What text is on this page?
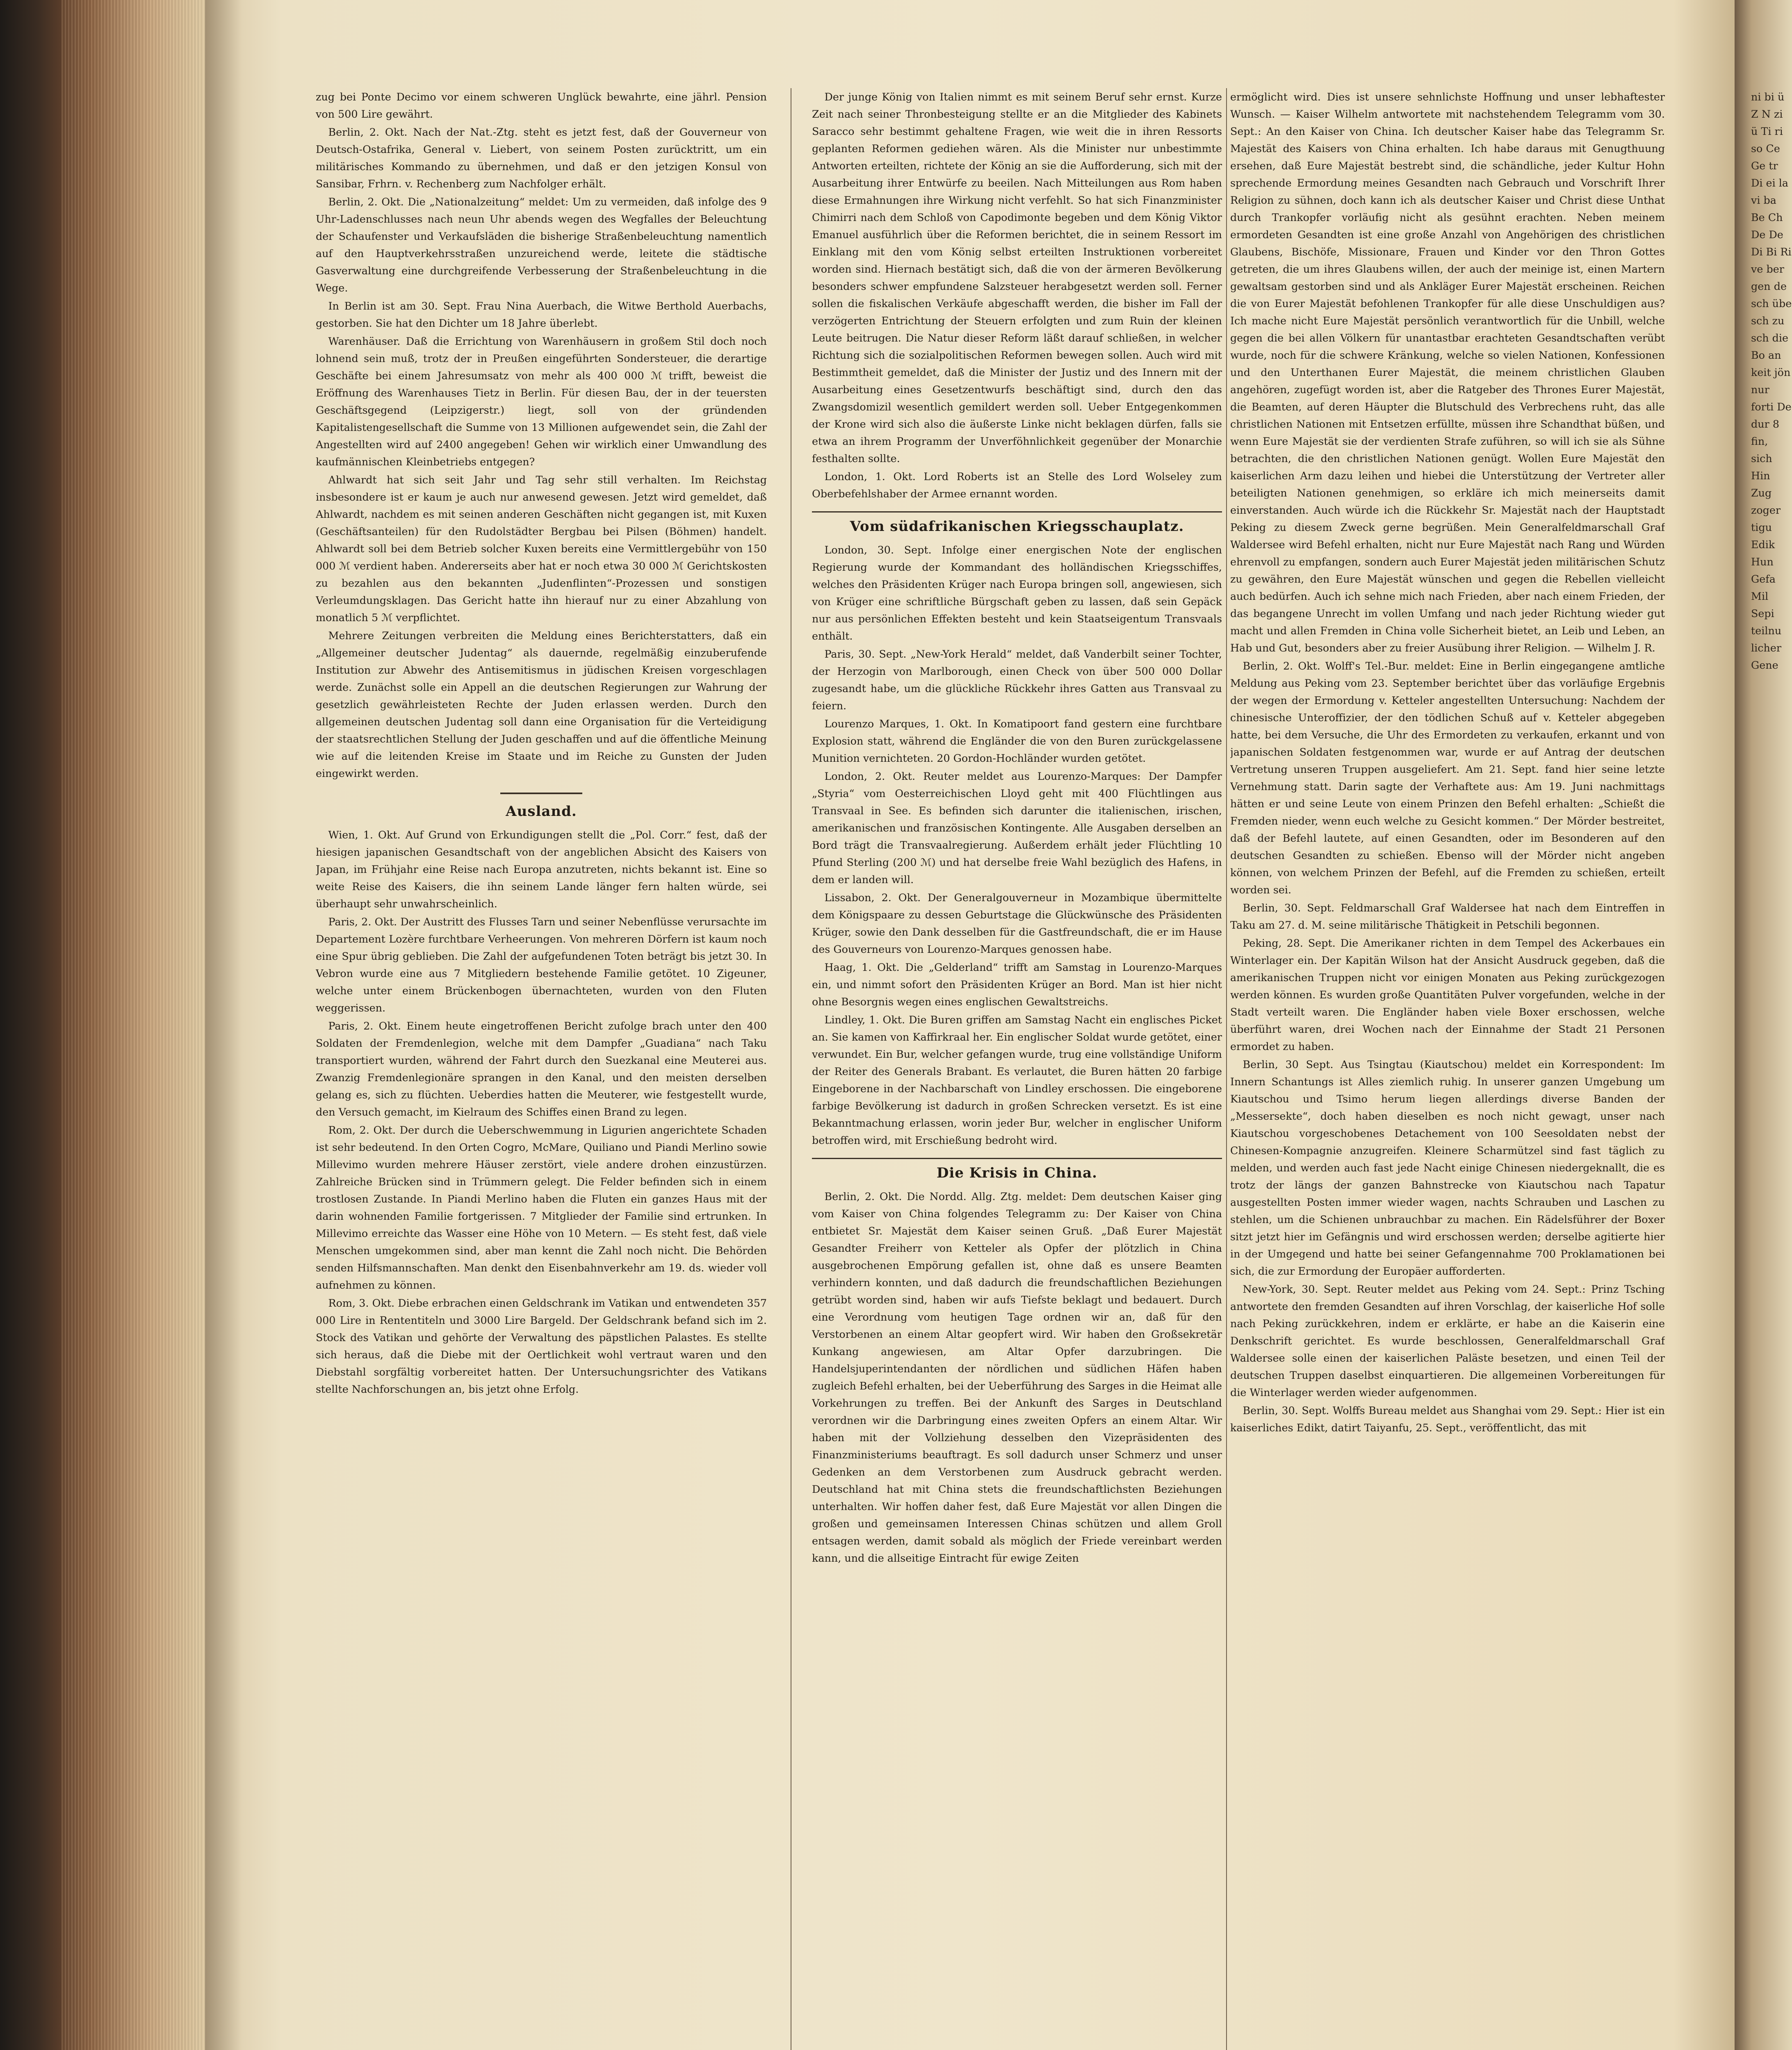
zug bei Ponte Decimo vor einem schweren Unglück bewahrte, eine jährl. Pension von 500 Lire gewährt.

Berlin, 2. Okt. Nach der Nat.-Ztg. steht es jetzt fest, daß der Gouverneur von Deutsch-Ostafrika, General v. Liebert, von seinem Posten zurücktritt, um ein militärisches Kommando zu übernehmen, und daß er den jetzigen Konsul von Sansibar, Frhrn. v. Rechenberg zum Nachfolger erhält.

Berlin, 2. Okt. Die „Nationalzeitung“ meldet: Um zu vermeiden, daß infolge des 9 Uhr-Ladenschlusses nach neun Uhr abends wegen des Wegfalles der Beleuchtung der Schaufenster und Verkaufsläden die bisherige Straßenbeleuchtung namentlich auf den Hauptverkehrsstraßen unzureichend werde, leitete die städtische Gasverwaltung eine durchgreifende Verbesserung der Straßenbeleuchtung in die Wege.

In Berlin ist am 30. Sept. Frau Nina Auerbach, die Witwe Berthold Auerbachs, gestorben. Sie hat den Dichter um 18 Jahre überlebt.

Warenhäuser. Daß die Errichtung von Warenhäusern in großem Stil doch noch lohnend sein muß, trotz der in Preußen eingeführten Sondersteuer, die derartige Geschäfte bei einem Jahresumsatz von mehr als 400 000 ℳ trifft, beweist die Eröffnung des Warenhauses Tietz in Berlin. Für diesen Bau, der in der teuersten Geschäftsgegend (Leipzigerstr.) liegt, soll von der gründenden Kapitalistengesellschaft die Summe von 13 Millionen aufgewendet sein, die Zahl der Angestellten wird auf 2400 angegeben! Gehen wir wirklich einer Umwandlung des kaufmännischen Kleinbetriebs entgegen?

Ahlwardt hat sich seit Jahr und Tag sehr still verhalten. Im Reichstag insbesondere ist er kaum je auch nur anwesend gewesen. Jetzt wird gemeldet, daß Ahlwardt, nachdem es mit seinen anderen Geschäften nicht gegangen ist, mit Kuxen (Geschäftsanteilen) für den Rudolstädter Bergbau bei Pilsen (Böhmen) handelt. Ahlwardt soll bei dem Betrieb solcher Kuxen bereits eine Vermittlergebühr von 150 000 ℳ verdient haben. Andererseits aber hat er noch etwa 30 000 ℳ Gerichtskosten zu bezahlen aus den bekannten „Judenflinten“-Prozessen und sonstigen Verleumdungsklagen. Das Gericht hatte ihn hierauf nur zu einer Abzahlung von monatlich 5 ℳ verpflichtet.

Mehrere Zeitungen verbreiten die Meldung eines Berichterstatters, daß ein „Allgemeiner deutscher Judentag“ als dauernde, regelmäßig einzuberufende Institution zur Abwehr des Antisemitismus in jüdischen Kreisen vorgeschlagen werde. Zunächst solle ein Appell an die deutschen Regierungen zur Wahrung der gesetzlich gewährleisteten Rechte der Juden erlassen werden. Durch den allgemeinen deutschen Judentag soll dann eine Organisation für die Verteidigung der staatsrechtlichen Stellung der Juden geschaffen und auf die öffentliche Meinung wie auf die leitenden Kreise im Staate und im Reiche zu Gunsten der Juden eingewirkt werden.

Ausland.

Wien, 1. Okt. Auf Grund von Erkundigungen stellt die „Pol. Corr.“ fest, daß der hiesigen japanischen Gesandtschaft von der angeblichen Absicht des Kaisers von Japan, im Frühjahr eine Reise nach Europa anzutreten, nichts bekannt ist. Eine so weite Reise des Kaisers, die ihn seinem Lande länger fern halten würde, sei überhaupt sehr unwahrscheinlich.

Paris, 2. Okt. Der Austritt des Flusses Tarn und seiner Nebenflüsse verursachte im Departement Lozère furchtbare Verheerungen. Von mehreren Dörfern ist kaum noch eine Spur übrig geblieben. Die Zahl der aufgefundenen Toten beträgt bis jetzt 30. In Vebron wurde eine aus 7 Mitgliedern bestehende Familie getötet. 10 Zigeuner, welche unter einem Brückenbogen übernachteten, wurden von den Fluten weggerissen.

Paris, 2. Okt. Einem heute eingetroffenen Bericht zufolge brach unter den 400 Soldaten der Fremdenlegion, welche mit dem Dampfer „Guadiana“ nach Taku transportiert wurden, während der Fahrt durch den Suezkanal eine Meuterei aus. Zwanzig Fremdenlegionäre sprangen in den Kanal, und den meisten derselben gelang es, sich zu flüchten. Ueberdies hatten die Meuterer, wie festgestellt wurde, den Versuch gemacht, im Kielraum des Schiffes einen Brand zu legen.

Rom, 2. Okt. Der durch die Ueberschwemmung in Ligurien angerichtete Schaden ist sehr bedeutend. In den Orten Cogro, McMare, Quiliano und Piandi Merlino sowie Millevimo wurden mehrere Häuser zerstört, viele andere drohen einzustürzen. Zahlreiche Brücken sind in Trümmern gelegt. Die Felder befinden sich in einem trostlosen Zustande. In Piandi Merlino haben die Fluten ein ganzes Haus mit der darin wohnenden Familie fortgerissen. 7 Mitglieder der Familie sind ertrunken. In Millevimo erreichte das Wasser eine Höhe von 10 Metern. — Es steht fest, daß viele Menschen umgekommen sind, aber man kennt die Zahl noch nicht. Die Behörden senden Hilfsmannschaften. Man denkt den Eisenbahnverkehr am 19. ds. wieder voll aufnehmen zu können.

Rom, 3. Okt. Diebe erbrachen einen Geldschrank im Vatikan und entwendeten 357 000 Lire in Rententiteln und 3000 Lire Bargeld. Der Geldschrank befand sich im 2. Stock des Vatikan und gehörte der Verwaltung des päpstlichen Palastes. Es stellte sich heraus, daß die Diebe mit der Oertlichkeit wohl vertraut waren und den Diebstahl sorgfältig vorbereitet hatten. Der Untersuchungsrichter des Vatikans stellte Nachforschungen an, bis jetzt ohne Erfolg.

Der junge König von Italien nimmt es mit seinem Beruf sehr ernst. Kurze Zeit nach seiner Thronbesteigung stellte er an die Mitglieder des Kabinets Saracco sehr bestimmt gehaltene Fragen, wie weit die in ihren Ressorts geplanten Reformen gediehen wären. Als die Minister nur unbestimmte Antworten erteilten, richtete der König an sie die Aufforderung, sich mit der Ausarbeitung ihrer Entwürfe zu beeilen. Nach Mitteilungen aus Rom haben diese Ermahnungen ihre Wirkung nicht verfehlt. So hat sich Finanzminister Chimirri nach dem Schloß von Capodimonte begeben und dem König Viktor Emanuel ausführlich über die Reformen berichtet, die in seinem Ressort im Einklang mit den vom König selbst erteilten Instruktionen vorbereitet worden sind. Hiernach bestätigt sich, daß die von der ärmeren Bevölkerung besonders schwer empfundene Salzsteuer herabgesetzt werden soll. Ferner sollen die fiskalischen Verkäufe abgeschafft werden, die bisher im Fall der verzögerten Entrichtung der Steuern erfolgten und zum Ruin der kleinen Leute beitrugen. Die Natur dieser Reform läßt darauf schließen, in welcher Richtung sich die sozialpolitischen Reformen bewegen sollen. Auch wird mit Bestimmtheit gemeldet, daß die Minister der Justiz und des Innern mit der Ausarbeitung eines Gesetzentwurfs beschäftigt sind, durch den das Zwangsdomizil wesentlich gemildert werden soll. Ueber Entgegenkommen der Krone wird sich also die äußerste Linke nicht beklagen dürfen, falls sie etwa an ihrem Programm der Unverföhnlichkeit gegenüber der Monarchie festhalten sollte.

London, 1. Okt. Lord Roberts ist an Stelle des Lord Wolseley zum Oberbefehlshaber der Armee ernannt worden.

Vom südafrikanischen Kriegsschauplatz.

London, 30. Sept. Infolge einer energischen Note der englischen Regierung wurde der Kommandant des holländischen Kriegsschiffes, welches den Präsidenten Krüger nach Europa bringen soll, angewiesen, sich von Krüger eine schriftliche Bürgschaft geben zu lassen, daß sein Gepäck nur aus persönlichen Effekten besteht und kein Staatseigentum Transvaals enthält.

Paris, 30. Sept. „New-York Herald“ meldet, daß Vanderbilt seiner Tochter, der Herzogin von Marlborough, einen Check von über 500 000 Dollar zugesandt habe, um die glückliche Rückkehr ihres Gatten aus Transvaal zu feiern.

Lourenzo Marques, 1. Okt. In Komatipoort fand gestern eine furchtbare Explosion statt, während die Engländer die von den Buren zurückgelassene Munition vernichteten. 20 Gordon-Hochländer wurden getötet.

London, 2. Okt. Reuter meldet aus Lourenzo-Marques: Der Dampfer „Styria“ vom Oesterreichischen Lloyd geht mit 400 Flüchtlingen aus Transvaal in See. Es befinden sich darunter die italienischen, irischen, amerikanischen und französischen Kontingente. Alle Ausgaben derselben an Bord trägt die Transvaalregierung. Außerdem erhält jeder Flüchtling 10 Pfund Sterling (200 ℳ) und hat derselbe freie Wahl bezüglich des Hafens, in dem er landen will.

Lissabon, 2. Okt. Der Generalgouverneur in Mozambique übermittelte dem Königspaare zu dessen Geburtstage die Glückwünsche des Präsidenten Krüger, sowie den Dank desselben für die Gastfreundschaft, die er im Hause des Gouverneurs von Lourenzo-Marques genossen habe.

Haag, 1. Okt. Die „Gelderland“ trifft am Samstag in Lourenzo-Marques ein, und nimmt sofort den Präsidenten Krüger an Bord. Man ist hier nicht ohne Besorgnis wegen eines englischen Gewaltstreichs.

Lindley, 1. Okt. Die Buren griffen am Samstag Nacht ein englisches Picket an. Sie kamen von Kaffirkraal her. Ein englischer Soldat wurde getötet, einer verwundet. Ein Bur, welcher gefangen wurde, trug eine vollständige Uniform der Reiter des Generals Brabant. Es verlautet, die Buren hätten 20 farbige Eingeborene in der Nachbarschaft von Lindley erschossen. Die eingeborene farbige Bevölkerung ist dadurch in großen Schrecken versetzt. Es ist eine Bekanntmachung erlassen, worin jeder Bur, welcher in englischer Uniform betroffen wird, mit Erschießung bedroht wird.

Die Krisis in China.

Berlin, 2. Okt. Die Nordd. Allg. Ztg. meldet: Dem deutschen Kaiser ging vom Kaiser von China folgendes Telegramm zu: Der Kaiser von China entbietet Sr. Majestät dem Kaiser seinen Gruß. „Daß Eurer Majestät Gesandter Freiherr von Ketteler als Opfer der plötzlich in China ausgebrochenen Empörung gefallen ist, ohne daß es unsere Beamten verhindern konnten, und daß dadurch die freundschaftlichen Beziehungen getrübt worden sind, haben wir aufs Tiefste beklagt und bedauert. Durch eine Verordnung vom heutigen Tage ordnen wir an, daß für den Verstorbenen an einem Altar geopfert wird. Wir haben den Großsekretär Kunkang angewiesen, am Altar Opfer darzubringen. Die Handelsjuperintendanten der nördlichen und südlichen Häfen haben zugleich Befehl erhalten, bei der Ueberführung des Sarges in die Heimat alle Vorkehrungen zu treffen. Bei der Ankunft des Sarges in Deutschland verordnen wir die Darbringung eines zweiten Opfers an einem Altar. Wir haben mit der Vollziehung desselben den Vizepräsidenten des Finanzministeriums beauftragt. Es soll dadurch unser Schmerz und unser Gedenken an dem Verstorbenen zum Ausdruck gebracht werden. Deutschland hat mit China stets die freundschaftlichsten Beziehungen unterhalten. Wir hoffen daher fest, daß Eure Majestät vor allen Dingen die großen und gemeinsamen Interessen Chinas schützen und allem Groll entsagen werden, damit sobald als möglich der Friede vereinbart werden kann, und die allseitige Eintracht für ewige Zeiten

ermöglicht wird. Dies ist unsere sehnlichste Hoffnung und unser lebhaftester Wunsch. — Kaiser Wilhelm antwortete mit nachstehendem Telegramm vom 30. Sept.: An den Kaiser von China. Ich deutscher Kaiser habe das Telegramm Sr. Majestät des Kaisers von China erhalten. Ich habe daraus mit Genugthuung ersehen, daß Eure Majestät bestrebt sind, die schändliche, jeder Kultur Hohn sprechende Ermordung meines Gesandten nach Gebrauch und Vorschrift Ihrer Religion zu sühnen, doch kann ich als deutscher Kaiser und Christ diese Unthat durch Trankopfer vorläufig nicht als gesühnt erachten. Neben meinem ermordeten Gesandten ist eine große Anzahl von Angehörigen des christlichen Glaubens, Bischöfe, Missionare, Frauen und Kinder vor den Thron Gottes getreten, die um ihres Glaubens willen, der auch der meinige ist, einen Martern gewaltsam gestorben sind und als Ankläger Eurer Majestät erscheinen. Reichen die von Eurer Majestät befohlenen Trankopfer für alle diese Unschuldigen aus? Ich mache nicht Eure Majestät persönlich verantwortlich für die Unbill, welche gegen die bei allen Völkern für unantastbar erachteten Gesandtschaften verübt wurde, noch für die schwere Kränkung, welche so vielen Nationen, Konfessionen und den Unterthanen Eurer Majestät, die meinem christlichen Glauben angehören, zugefügt worden ist, aber die Ratgeber des Thrones Eurer Majestät, die Beamten, auf deren Häupter die Blutschuld des Verbrechens ruht, das alle christlichen Nationen mit Entsetzen erfüllte, müssen ihre Schandthat büßen, und wenn Eure Majestät sie der verdienten Strafe zuführen, so will ich sie als Sühne betrachten, die den christlichen Nationen genügt. Wollen Eure Majestät den kaiserlichen Arm dazu leihen und hiebei die Unterstützung der Vertreter aller beteiligten Nationen genehmigen, so erkläre ich mich meinerseits damit einverstanden. Auch würde ich die Rückkehr Sr. Majestät nach der Hauptstadt Peking zu diesem Zweck gerne begrüßen. Mein Generalfeldmarschall Graf Waldersee wird Befehl erhalten, nicht nur Eure Majestät nach Rang und Würden ehrenvoll zu empfangen, sondern auch Eurer Majestät jeden militärischen Schutz zu gewähren, den Eure Majestät wünschen und gegen die Rebellen vielleicht auch bedürfen. Auch ich sehne mich nach Frieden, aber nach einem Frieden, der das begangene Unrecht im vollen Umfang und nach jeder Richtung wieder gut macht und allen Fremden in China volle Sicherheit bietet, an Leib und Leben, an Hab und Gut, besonders aber zu freier Ausübung ihrer Religion. — Wilhelm J. R.

Berlin, 2. Okt. Wolff's Tel.-Bur. meldet: Eine in Berlin eingegangene amtliche Meldung aus Peking vom 23. September berichtet über das vorläufige Ergebnis der wegen der Ermordung v. Ketteler angestellten Untersuchung: Nachdem der chinesische Unteroffizier, der den tödlichen Schuß auf v. Ketteler abgegeben hatte, bei dem Versuche, die Uhr des Ermordeten zu verkaufen, erkannt und von japanischen Soldaten festgenommen war, wurde er auf Antrag der deutschen Vertretung unseren Truppen ausgeliefert. Am 21. Sept. fand hier seine letzte Vernehmung statt. Darin sagte der Verhaftete aus: Am 19. Juni nachmittags hätten er und seine Leute von einem Prinzen den Befehl erhalten: „Schießt die Fremden nieder, wenn euch welche zu Gesicht kommen.“ Der Mörder bestreitet, daß der Befehl lautete, auf einen Gesandten, oder im Besonderen auf den deutschen Gesandten zu schießen. Ebenso will der Mörder nicht angeben können, von welchem Prinzen der Befehl, auf die Fremden zu schießen, erteilt worden sei.

Berlin, 30. Sept. Feldmarschall Graf Waldersee hat nach dem Eintreffen in Taku am 27. d. M. seine militärische Thätigkeit in Petschili begonnen.

Peking, 28. Sept. Die Amerikaner richten in dem Tempel des Ackerbaues ein Winterlager ein. Der Kapitän Wilson hat der Ansicht Ausdruck gegeben, daß die amerikanischen Truppen nicht vor einigen Monaten aus Peking zurückgezogen werden können. Es wurden große Quantitäten Pulver vorgefunden, welche in der Stadt verteilt waren. Die Engländer haben viele Boxer erschossen, welche überführt waren, drei Wochen nach der Einnahme der Stadt 21 Personen ermordet zu haben.

Berlin, 30 Sept. Aus Tsingtau (Kiautschou) meldet ein Korrespondent: Im Innern Schantungs ist Alles ziemlich ruhig. In unserer ganzen Umgebung um Kiautschou und Tsimo herum liegen allerdings diverse Banden der „Messersekte“, doch haben dieselben es noch nicht gewagt, unser nach Kiautschou vorgeschobenes Detachement von 100 Seesoldaten nebst der Chinesen-Kompagnie anzugreifen. Kleinere Scharmützel sind fast täglich zu melden, und werden auch fast jede Nacht einige Chinesen niedergeknallt, die es trotz der längs der ganzen Bahnstrecke von Kiautschou nach Tapatur ausgestellten Posten immer wieder wagen, nachts Schrauben und Laschen zu stehlen, um die Schienen unbrauchbar zu machen. Ein Rädelsführer der Boxer sitzt jetzt hier im Gefängnis und wird erschossen werden; derselbe agitierte hier in der Umgegend und hatte bei seiner Gefangennahme 700 Proklamationen bei sich, die zur Ermordung der Europäer aufforderten.

New-York, 30. Sept. Reuter meldet aus Peking vom 24. Sept.: Prinz Tsching antwortete den fremden Gesandten auf ihren Vorschlag, der kaiserliche Hof solle nach Peking zurückkehren, indem er erklärte, er habe an die Kaiserin eine Denkschrift gerichtet. Es wurde beschlossen, Generalfeldmarschall Graf Waldersee solle einen der kaiserlichen Paläste besetzen, und einen Teil der deutschen Truppen daselbst einquartieren. Die allgemeinen Vorbereitungen für die Winterlager werden wieder aufgenommen.

Berlin, 30. Sept. Wolffs Bureau meldet aus Shanghai vom 29. Sept.: Hier ist ein kaiserliches Edikt, datirt Taiyanfu, 25. Sept., veröffentlicht, das mit

ni bi ü Z N zi ü Ti ri so Ce Ge tr Di ei la vi ba Be Ch De De Di Bi Ri ve ber gen de sch übe sch zu sch die Bo an keit jön nur forti De dur 8 fin, sich Hin Zug zoger tigu Edik Hun Gefa Mil Sepi teilnu licher Gene
